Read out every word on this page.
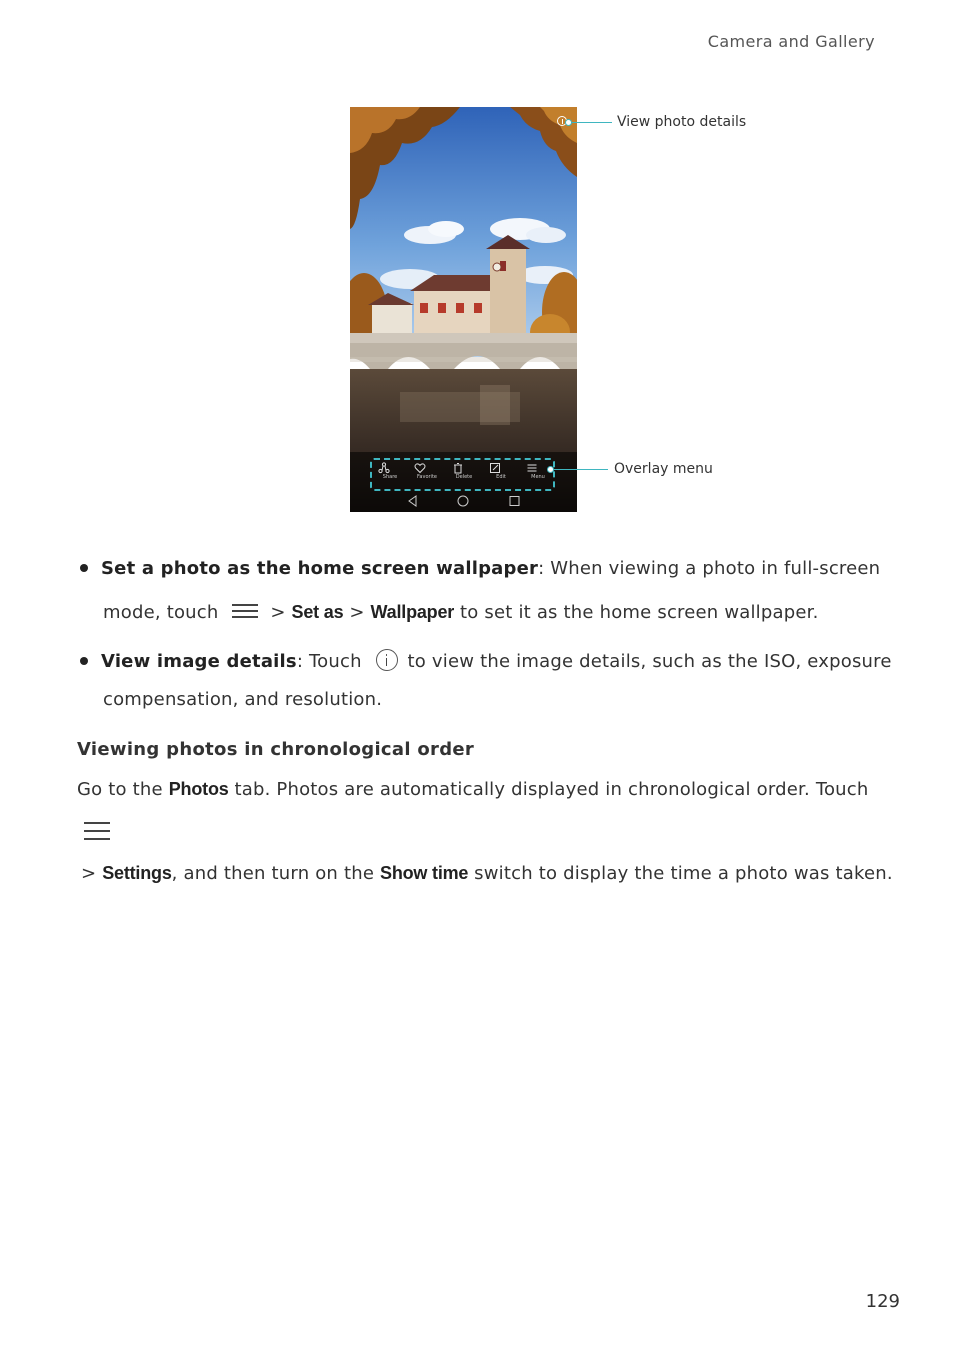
Camera and Gallery
Share	Favorite	Delete	Edit	Menu
View photo details
Overlay menu
Set a photo as the home screen wallpaper: When viewing a photo in full-screen
mode, touch	> Set as > Wallpaper to set it as the home screen wallpaper.
View image details: Touch	to view the image details, such as the ISO, exposure
compensation, and resolution.
Viewing photos in chronological order
Go to the Photos tab. Photos are automatically displayed in chronological order. Touch
> Settings, and then turn on the Show time switch to display the time a photo was taken.
129
